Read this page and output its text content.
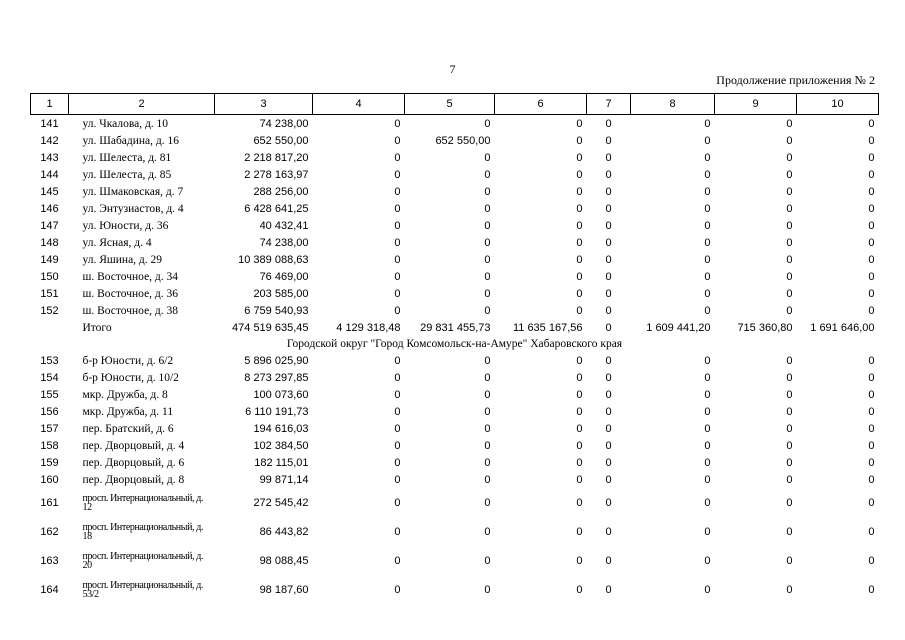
7
Продолжение приложения № 2
1	2	3	4	5	6	7	8	9	10
141	ул. Чкалова, д. 10	74 238,00	0	0	0	0	0	0	0
142	ул. Шабадина, д. 16	652 550,00	0	652 550,00	0	0	0	0	0
143	ул. Шелеста, д. 81	2 218 817,20	0	0	0	0	0	0	0
144	ул. Шелеста, д. 85	2 278 163,97	0	0	0	0	0	0	0
145	ул. Шмаковская, д. 7	288 256,00	0	0	0	0	0	0	0
146	ул. Энтузиастов, д. 4	6 428 641,25	0	0	0	0	0	0	0
147	ул. Юности, д. 36	40 432,41	0	0	0	0	0	0	0
148	ул. Ясная, д. 4	74 238,00	0	0	0	0	0	0	0
149	ул. Яшина, д. 29	10 389 088,63	0	0	0	0	0	0	0
150	ш. Восточное, д. 34	76 469,00	0	0	0	0	0	0	0
151	ш. Восточное, д. 36	203 585,00	0	0	0	0	0	0	0
152	ш. Восточное, д. 38	6 759 540,93	0	0	0	0	0	0	0
	Итого	474 519 635,45	4 129 318,48	29 831 455,73	11 635 167,56	0	1 609 441,20	715 360,80	1 691 646,00
Городской округ "Город Комсомольск-на-Амуре" Хабаровского края									
153	б-р Юности, д. 6/2	5 896 025,90	0	0	0	0	0	0	0
154	б-р Юности, д. 10/2	8 273 297,85	0	0	0	0	0	0	0
155	мкр. Дружба, д. 8	100 073,60	0	0	0	0	0	0	0
156	мкр. Дружба, д. 11	6 110 191,73	0	0	0	0	0	0	0
157	пер. Братский, д. 6	194 616,03	0	0	0	0	0	0	0
158	пер. Дворцовый, д. 4	102 384,50	0	0	0	0	0	0	0
159	пер. Дворцовый, д. 6	182 115,01	0	0	0	0	0	0	0
160	пер. Дворцовый, д. 8	99 871,14	0	0	0	0	0	0	0
161	просп. Интернациональный, д. 12	272 545,42	0	0	0	0	0	0	0
162	просп. Интернациональный, д. 18	86 443,82	0	0	0	0	0	0	0
163	просп. Интернациональный, д. 20	98 088,45	0	0	0	0	0	0	0
164	просп. Интернациональный, д. 53/2	98 187,60	0	0	0	0	0	0	0
